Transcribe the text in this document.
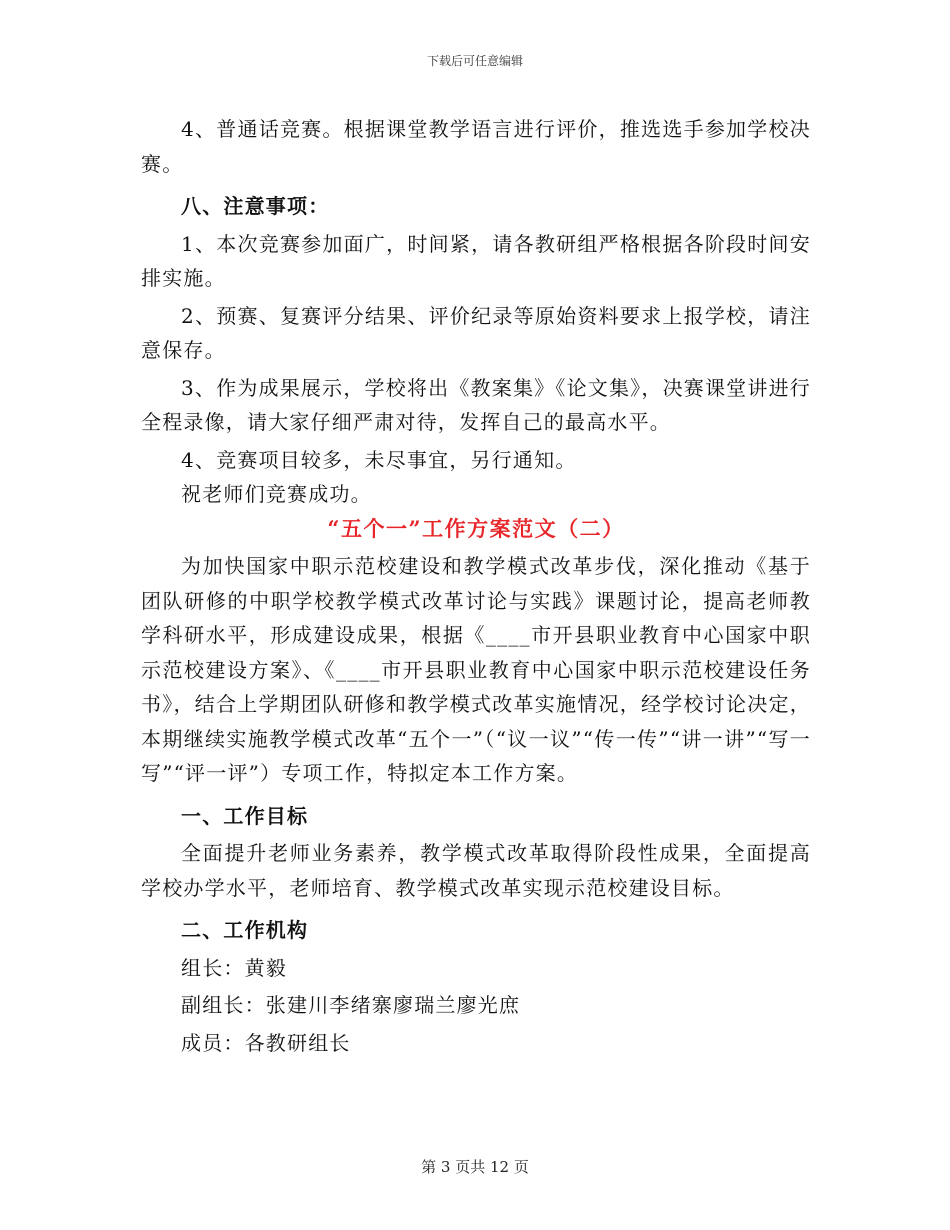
下载后可任意编辑

4、普通话竞赛。根据课堂教学语言进行评价，推选选手参加学校决赛。

八、注意事项：

1、本次竞赛参加面广，时间紧，请各教研组严格根据各阶段时间安排实施。

2、预赛、复赛评分结果、评价纪录等原始资料要求上报学校，请注意保存。

3、作为成果展示，学校将出《教案集》《论文集》，决赛课堂讲进行全程录像，请大家仔细严肃对待，发挥自己的最高水平。

4、竞赛项目较多，未尽事宜，另行通知。

祝老师们竞赛成功。

“五个一”工作方案范文（二）

为加快国家中职示范校建设和教学模式改革步伐，深化推动《基于团队研修的中职学校教学模式改革讨论与实践》课题讨论，提高老师教学科研水平，形成建设成果，根据《____市开县职业教育中心国家中职示范校建设方案》、《____市开县职业教育中心国家中职示范校建设任务书》，结合上学期团队研修和教学模式改革实施情况，经学校讨论决定，本期继续实施教学模式改革“五个一”（“议一议”“传一传”“讲一讲”“写一写”“评一评”）专项工作，特拟定本工作方案。

一、工作目标

全面提升老师业务素养，教学模式改革取得阶段性成果，全面提高学校办学水平，老师培育、教学模式改革实现示范校建设目标。

二、工作机构

组长：黄毅

副组长：张建川李绪寨廖瑞兰廖光庶

成员：各教研组长

第 3 页共 12 页
